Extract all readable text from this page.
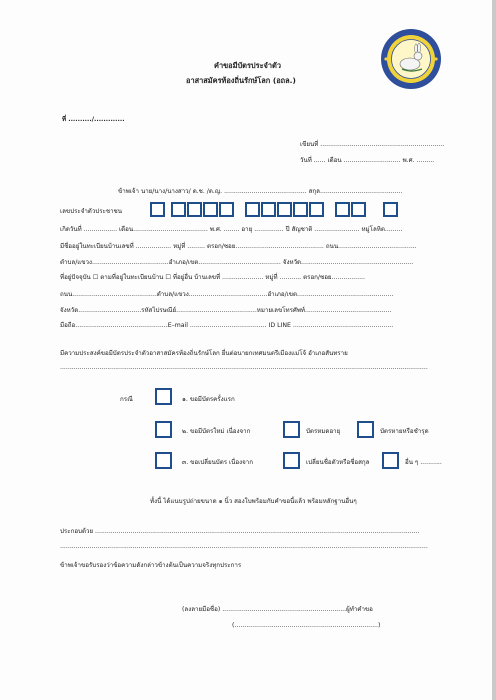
คำขอมีบัตรประจำตัว
อาสาสมัครท้องถิ่นรักษ์โลก (อถล.)
ที่ ........../.............
เขียนที่ ...............................................................
วันที่ ...... เดือน ............................. พ.ศ. .........
ข้าพเจ้า นาย/นาง/นางสาว/ ด.ช. /ด.ญ. .......................................... สกุล..........................................
เลขประจำตัวประชาชน
เกิดวันที่ ................. เดือน...................................... พ.ศ. ........ อายุ ............... ปี สัญชาติ ....................... หมู่โลหิต.........
มีชื่ออยู่ในทะเบียนบ้านเลขที่ .................. หมู่ที่ ......... ตรอก/ซอย............................................. ถนน........................................
ตำบล/แขวง.......................................อำเภอ/เขต.......................................... จังหวัด.........................................................
ที่อยู่ปัจจุบัน ☐ ตามที่อยู่ในทะเบียนบ้าน ☐ ที่อยู่อื่น บ้านเลขที่ ..................... หมู่ที่ ........... ตรอก/ซอย.................
ถนน...........................................ตำบล/แขวง........................................อำเภอ/เขต.................................................
จังหวัด................................รหัสไปรษณีย์.........................................หมายเลขโทรศัพท์............................................
มือถือ...............................................E–mail ....................................... ID LINE ...................................................
มีความประสงค์ขอมีบัตรประจำตัวอาสาสมัครท้องถิ่นรักษ์โลก ยื่นต่อนายกเทศมนตรีเมืองแม่โจ้ อำเภอสันทราย
...........................................................................................................................................................................................
กรณี	๑. ขอมีบัตรครั้งแรก
๒. ขอมีบัตรใหม่ เนื่องจาก	บัตรหมดอายุ	บัตรหายหรือชำรุด
๓. ขอเปลี่ยนบัตร เนื่องจาก	เปลี่ยนชื่อตัวหรือชื่อสกุล	อื่น ๆ ...........
ทั้งนี้ ได้แนบรูปถ่ายขนาด ๑ นิ้ว สองใบพร้อมกับคำขอนี้แล้ว พร้อมหลักฐานอื่นๆ
ประกอบด้วย .....................................................................................................................................................................
...........................................................................................................................................................................................
ข้าพเจ้าขอรับรองว่าข้อความดังกล่าวข้างต้นเป็นความจริงทุกประการ
(ลงลายมือชื่อ) ...............................................................ผู้ทำคำขอ
(.........................................................................)
